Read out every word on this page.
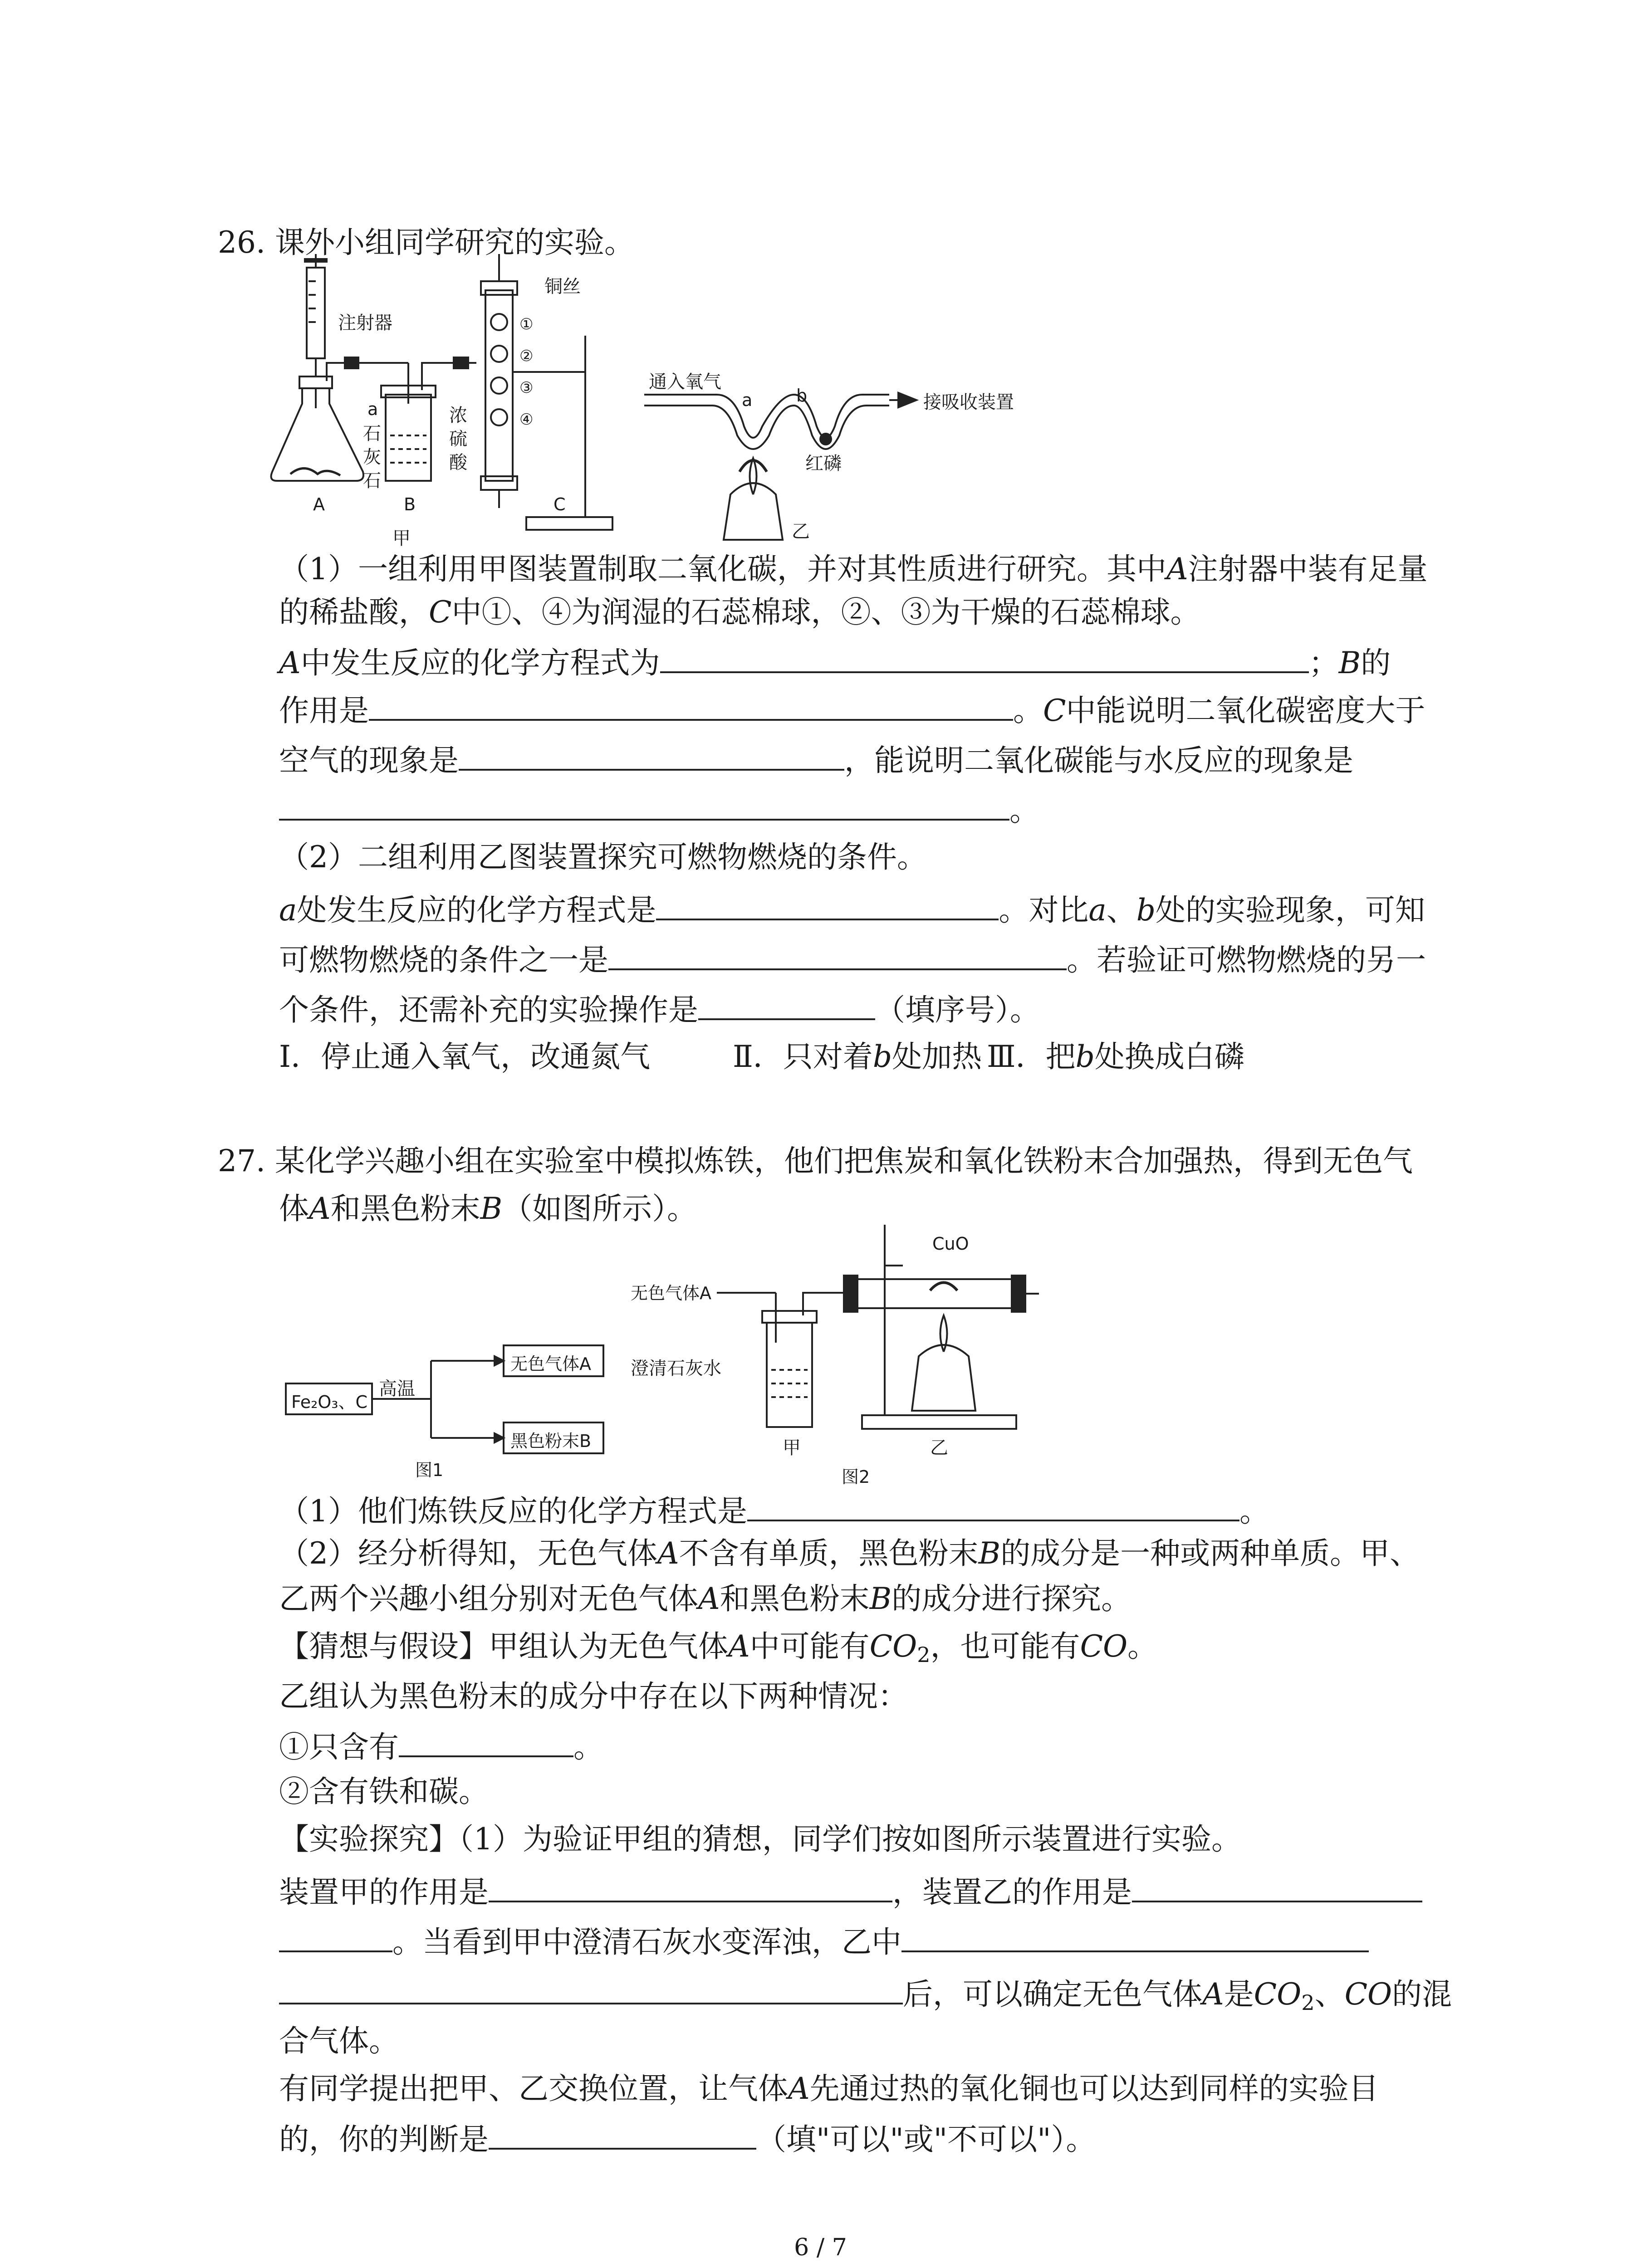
26. 课外小组同学研究的实验。
注射器
铜丝
①
②
③
④
a
石
灰
石
浓
硫
酸
A	B	C
甲
通入氧气
a	b	接吸收装置
红磷
乙
（1）一组利用甲图装置制取二氧化碳，并对其性质进行研究。其中A注射器中装有足量
的稀盐酸，C中①、④为润湿的石蕊棉球，②、③为干燥的石蕊棉球。
A中发生反应的化学方程式为	；B的
作用是	。C中能说明二氧化碳密度大于
空气的现象是	，能说明二氧化碳能与水反应的现象是
。
（2）二组利用乙图装置探究可燃物燃烧的条件。
a处发生反应的化学方程式是	。对比a、b处的实验现象，可知
可燃物燃烧的条件之一是	。若验证可燃物燃烧的另一
个条件，还需补充的实验操作是	（填序号）。
Ⅰ．停止通入氧气，改通氮气	Ⅱ．只对着b处加热 Ⅲ．把b处换成白磷
27. 某化学兴趣小组在实验室中模拟炼铁，他们把焦炭和氧化铁粉末合加强热，得到无色气
体A和黑色粉末B（如图所示）。
Fe₂O₃、C
高温
无色气体A
黑色粉末B
图1
无色气体A
澄清石灰水
CuO
甲	乙
图2
（1）他们炼铁反应的化学方程式是	。
（2）经分析得知，无色气体A不含有单质，黑色粉末B的成分是一种或两种单质。甲、
乙两个兴趣小组分别对无色气体A和黑色粉末B的成分进行探究。
【猜想与假设】甲组认为无色气体A中可能有$CO_2$，也可能有CO。
乙组认为黑色粉末的成分中存在以下两种情况：
①只含有	。
②含有铁和碳。
【实验探究】（1）为验证甲组的猜想，同学们按如图所示装置进行实验。
装置甲的作用是	，装置乙的作用是
。当看到甲中澄清石灰水变浑浊，乙中
后，可以确定无色气体A是$CO_2$、CO的混
合气体。
有同学提出把甲、乙交换位置，让气体A先通过热的氧化铜也可以达到同样的实验目
的，你的判断是	（填"可以"或"不可以"）。
6 / 7
